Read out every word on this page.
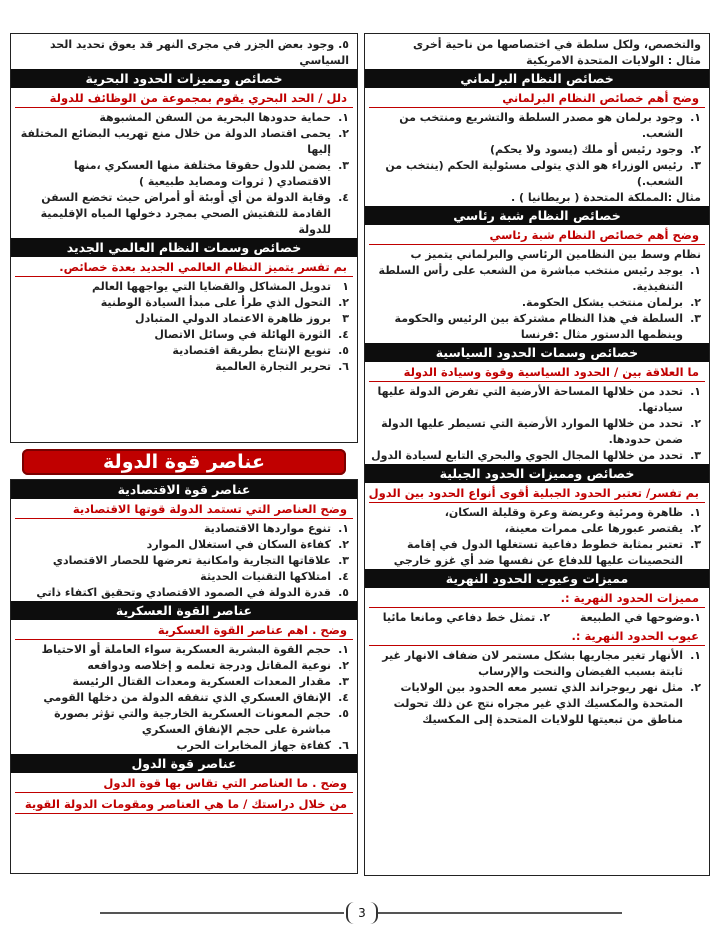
والتخصص، ولكل سلطة في اختصاصها من ناحية أخرى
مثال : الولايات المتحدة الامريكية
خصائص النظام البرلماني
وضح أهم خصائص النظام البرلماني
١.
وجود برلمان هو مصدر السلطة والتشريع ومنتخب من الشعب.
٢.
وجود رئيس أو ملك (يسود ولا يحكم)
٣.
رئيس الوزراء هو الذي يتولى مسئولية الحكم (ينتخب من الشعب.)
مثال :المملكة المتحدة ( بريطانيا ) .
خصائص النظام شبة رئاسي
وضح أهم خصائص النظام شبة رئاسي
نظام وسط بين النظامين الرئاسي والبرلماني يتميز ب
١.
يوجد رئيس منتخب مباشرة من الشعب على رأس السلطة التنفيذية.
٢.
برلمان منتخب يشكل الحكومة.
٣.
السلطة في هذا النظام مشتركة بين الرئيس والحكومة وينظمها الدستور مثال :فرنسا
خصائص وسمات الحدود السياسية
ما العلاقة بين / الحدود السياسية وقوة وسيادة الدولة
١.
تحدد من خلالها المساحة الأرضية التي تفرض الدولة عليها سيادتها.
٢.
تحدد من خلالها الموارد الأرضية التي تسيطر عليها الدولة ضمن حدودها.
٣.
تحدد من خلالها المجال الجوي والبحري التابع لسيادة الدول
خصائص ومميزات الحدود الجبلية
بم تفسر/ تعتبر الحدود الجبلية أقوى أنواع الحدود بين الدول
١.
ظاهرة ومرئية وعريضة وعرة وقليلة السكان،
٢.
يقتصر عبورها على ممرات معينة،
٣.
تعتبر بمثابة خطوط دفاعية تستغلها الدول في إقامة التحصينات عليها للدفاع عن نفسها ضد أي غزو خارجي
مميزات وعيوب الحدود النهرية
مميزات الحدود النهرية :.
١.وضوحها في الطبيعة
٢. تمثل خط دفاعي ومانعا مائيا
عيوب الحدود النهرية :.
١.
الأنهار تغير مجاريها بشكل مستمر لان ضفاف الانهار غير ثابتة بسبب الفيضان والنحت والإرساب
٢.
مثل نهر ريوجراند الذي تسير معه الحدود بين الولايات المتحدة والمكسيك الذي غير مجراه نتج عن ذلك تحولت مناطق من تبعيتها للولايات المتحدة إلى المكسيك
٥. وجود بعض الجزر في مجرى النهر قد يعوق تحديد الحد السياسي
خصائص ومميزات الحدود البحرية
دلل / الحد البحري يقوم بمجموعة من الوظائف للدولة
١.
حماية حدودها البحرية من السفن المشبوهة
٢.
يحمى اقتصاد الدولة من خلال منع تهريب البضائع المختلفة إليها
٣.
يضمن للدول حقوقا مختلفة منها العسكري ،منها الاقتصادي ( ثروات ومصايد طبيعية )
٤.
وقاية الدولة من أي أوبئة أو أمراض حيث تخضع السفن القادمة للتفتيش الصحي بمجرد دخولها المياه الإقليمية للدولة
خصائص وسمات النظام العالمي الجديد
بم تفسر يتميز النظام العالمي الجديد بعدة خصائص.
١
تدويل المشاكل والقضايا التي يواجهها العالم
٢.
التحول الذي طرأ على مبدأ السيادة الوطنية
٣
بروز ظاهرة الاعتماد الدولي المتبادل
٤.
الثورة الهائلة في وسائل الاتصال
٥.
تنويع الإنتاج بطريقة اقتصادية
٦.
تحرير التجارة العالمية
عناصر قوة الدولة
عناصر قوة الاقتصادية
وضح العناصر التي تستمد الدولة قوتها الاقتصادية
١.
تنوع مواردها الاقتصادية
٢.
كفاءة السكان في استغلال الموارد
٣.
علاقاتها التجارية وامكانية تعرضها للحصار الاقتصادي
٤.
امتلاكها التقنيات الحديثة
٥.
قدرة الدولة في الصمود الاقتصادي وتحقيق اكتفاء ذاتي
عناصر القوة العسكرية
وضح . اهم عناصر القوة العسكرية
١.
حجم القوة البشرية العسكرية سواء العاملة أو الاحتياط
٢.
نوعية المقاتل ودرجة تعلمه و إخلاصه ودوافعه
٣.
مقدار المعدات العسكرية ومعدات القتال الرئيسة
٤.
الإنفاق العسكري الذي تنفقه الدولة من دخلها القومي
٥.
حجم المعونات العسكرية الخارجية والتي تؤثر بصورة مباشرة على حجم الإنفاق العسكري
٦.
كفاءة جهاز المخابرات الحرب
عناصر قوة الدول
وضح . ما العناصر التي تقاس بها قوة الدول
من خلال دراستك / ما هي العناصر ومقومات الدولة القوية
3
